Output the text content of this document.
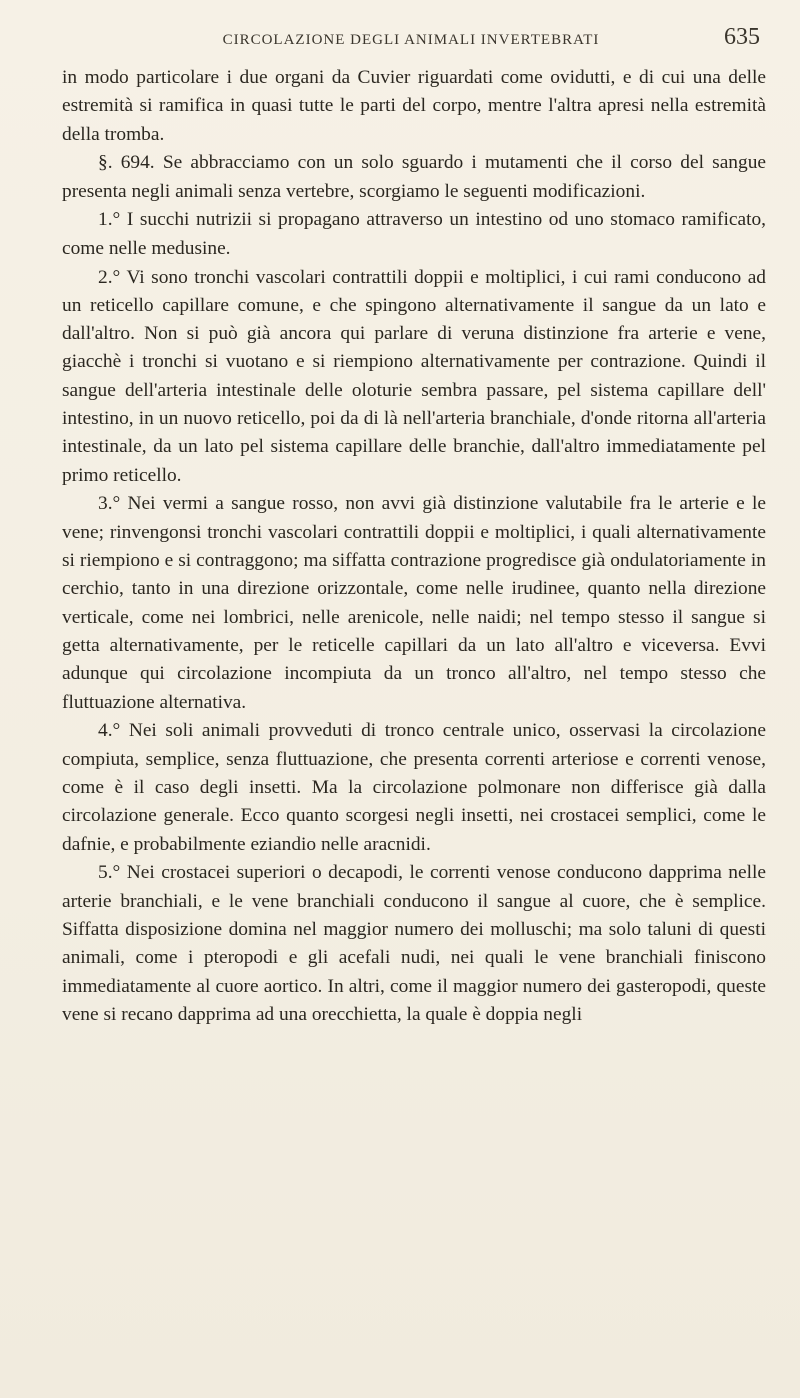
CIRCOLAZIONE DEGLI ANIMALI INVERTEBRATI	635

in modo particolare i due organi da Cuvier riguardati come ovidutti, e di cui una delle estremità si ramifica in quasi tutte le parti del corpo, mentre l'altra apresi nella estremità della tromba.

§. 694. Se abbracciamo con un solo sguardo i mutamenti che il corso del sangue presenta negli animali senza vertebre, scorgiamo le seguenti modificazioni.

1.° I succhi nutrizii si propagano attraverso un intestino od uno stomaco ramificato, come nelle medusine.

2.° Vi sono tronchi vascolari contrattili doppii e moltiplici, i cui rami conducono ad un reticello capillare comune, e che spingono alternativamente il sangue da un lato e dall'altro. Non si può già ancora qui parlare di veruna distinzione fra arterie e vene, giacchè i tronchi si vuotano e si riempiono alternativamente per contrazione. Quindi il sangue dell'arteria intestinale delle oloturie sembra passare, pel sistema capillare dell' intestino, in un nuovo reticello, poi da di là nell'arteria branchiale, d'onde ritorna all'arteria intestinale, da un lato pel sistema capillare delle branchie, dall'altro immediatamente pel primo reticello.

3.° Nei vermi a sangue rosso, non avvi già distinzione valutabile fra le arterie e le vene; rinvengonsi tronchi vascolari contrattili doppii e moltiplici, i quali alternativamente si riempiono e si contraggono; ma siffatta contrazione progredisce già ondulatoriamente in cerchio, tanto in una direzione orizzontale, come nelle irudinee, quanto nella direzione verticale, come nei lombrici, nelle arenicole, nelle naidi; nel tempo stesso il sangue si getta alternativamente, per le reticelle capillari da un lato all'altro e viceversa. Evvi adunque qui circolazione incompiuta da un tronco all'altro, nel tempo stesso che fluttuazione alternativa.

4.° Nei soli animali provveduti di tronco centrale unico, osservasi la circolazione compiuta, semplice, senza fluttuazione, che presenta correnti arteriose e correnti venose, come è il caso degli insetti. Ma la circolazione polmonare non differisce già dalla circolazione generale. Ecco quanto scorgesi negli insetti, nei crostacei semplici, come le dafnie, e probabilmente eziandio nelle aracnidi.

5.° Nei crostacei superiori o decapodi, le correnti venose conducono dapprima nelle arterie branchiali, e le vene branchiali conducono il sangue al cuore, che è semplice. Siffatta disposizione domina nel maggior numero dei molluschi; ma solo taluni di questi animali, come i pteropodi e gli acefali nudi, nei quali le vene branchiali finiscono immediatamente al cuore aortico. In altri, come il maggior numero dei gasteropodi, queste vene si recano dapprima ad una orecchietta, la quale è doppia negli
